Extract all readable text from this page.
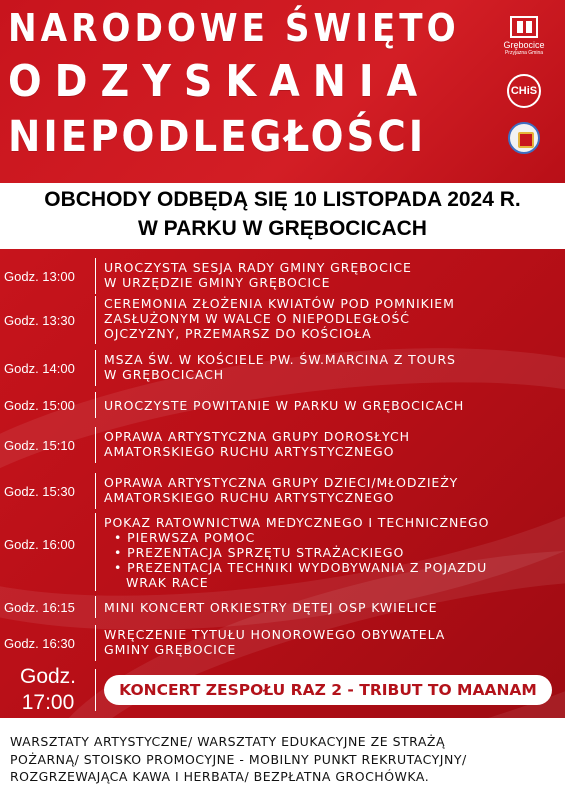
NARODOWE ŚWIĘTO
ODZYSKANIA
NIEPODLEGŁOŚCI
Grębocice
Przyjazna Gmina
CHiS
OBCHODY ODBĘDĄ SIĘ 10 LISTOPADA 2024 R.
W PARKU W GRĘBOCICACH
Godz. 13:00
UROCZYSTA SESJA RADY GMINY GRĘBOCICE
W URZĘDZIE GMINY GRĘBOCICE
Godz. 13:30
CEREMONIA ZŁOŻENIA KWIATÓW POD POMNIKIEM
ZASŁUŻONYM W WALCE O NIEPODLEGŁOŚĆ
OJCZYZNY, PRZEMARSZ DO KOŚCIOŁA
Godz. 14:00
MSZA ŚW. W KOŚCIELE PW. ŚW.MARCINA Z TOURS
W GRĘBOCICACH
Godz. 15:00	UROCZYSTE POWITANIE W PARKU W GRĘBOCICACH
Godz. 15:10
OPRAWA ARTYSTYCZNA GRUPY DOROSŁYCH
AMATORSKIEGO RUCHU ARTYSTYCZNEGO
Godz. 15:30
OPRAWA ARTYSTYCZNA GRUPY DZIECI/MŁODZIEŻY
AMATORSKIEGO RUCHU ARTYSTYCZNEGO
Godz. 16:00
POKAZ RATOWNICTWA MEDYCZNEGO I TECHNICZNEGO
• PIERWSZA POMOC
• PREZENTACJA SPRZĘTU STRAŻACKIEGO
• PREZENTACJA TECHNIKI WYDOBYWANIA Z POJAZDU
WRAK RACE
Godz. 16:15	MINI KONCERT ORKIESTRY DĘTEJ OSP KWIELICE
Godz. 16:30
WRĘCZENIE TYTUŁU HONOROWEGO OBYWATELA
GMINY GRĘBOCICE
Godz.
17:00
KONCERT ZESPOŁU RAZ 2 - TRIBUT TO MAANAM
WARSZTATY ARTYSTYCZNE/ WARSZTATY EDUKACYJNE ZE STRAŻĄ
POŻARNĄ/ STOISKO PROMOCYJNE - MOBILNY PUNKT REKRUTACYJNY/
ROZGRZEWAJĄCA KAWA I HERBATA/ BEZPŁATNA GROCHÓWKA.
